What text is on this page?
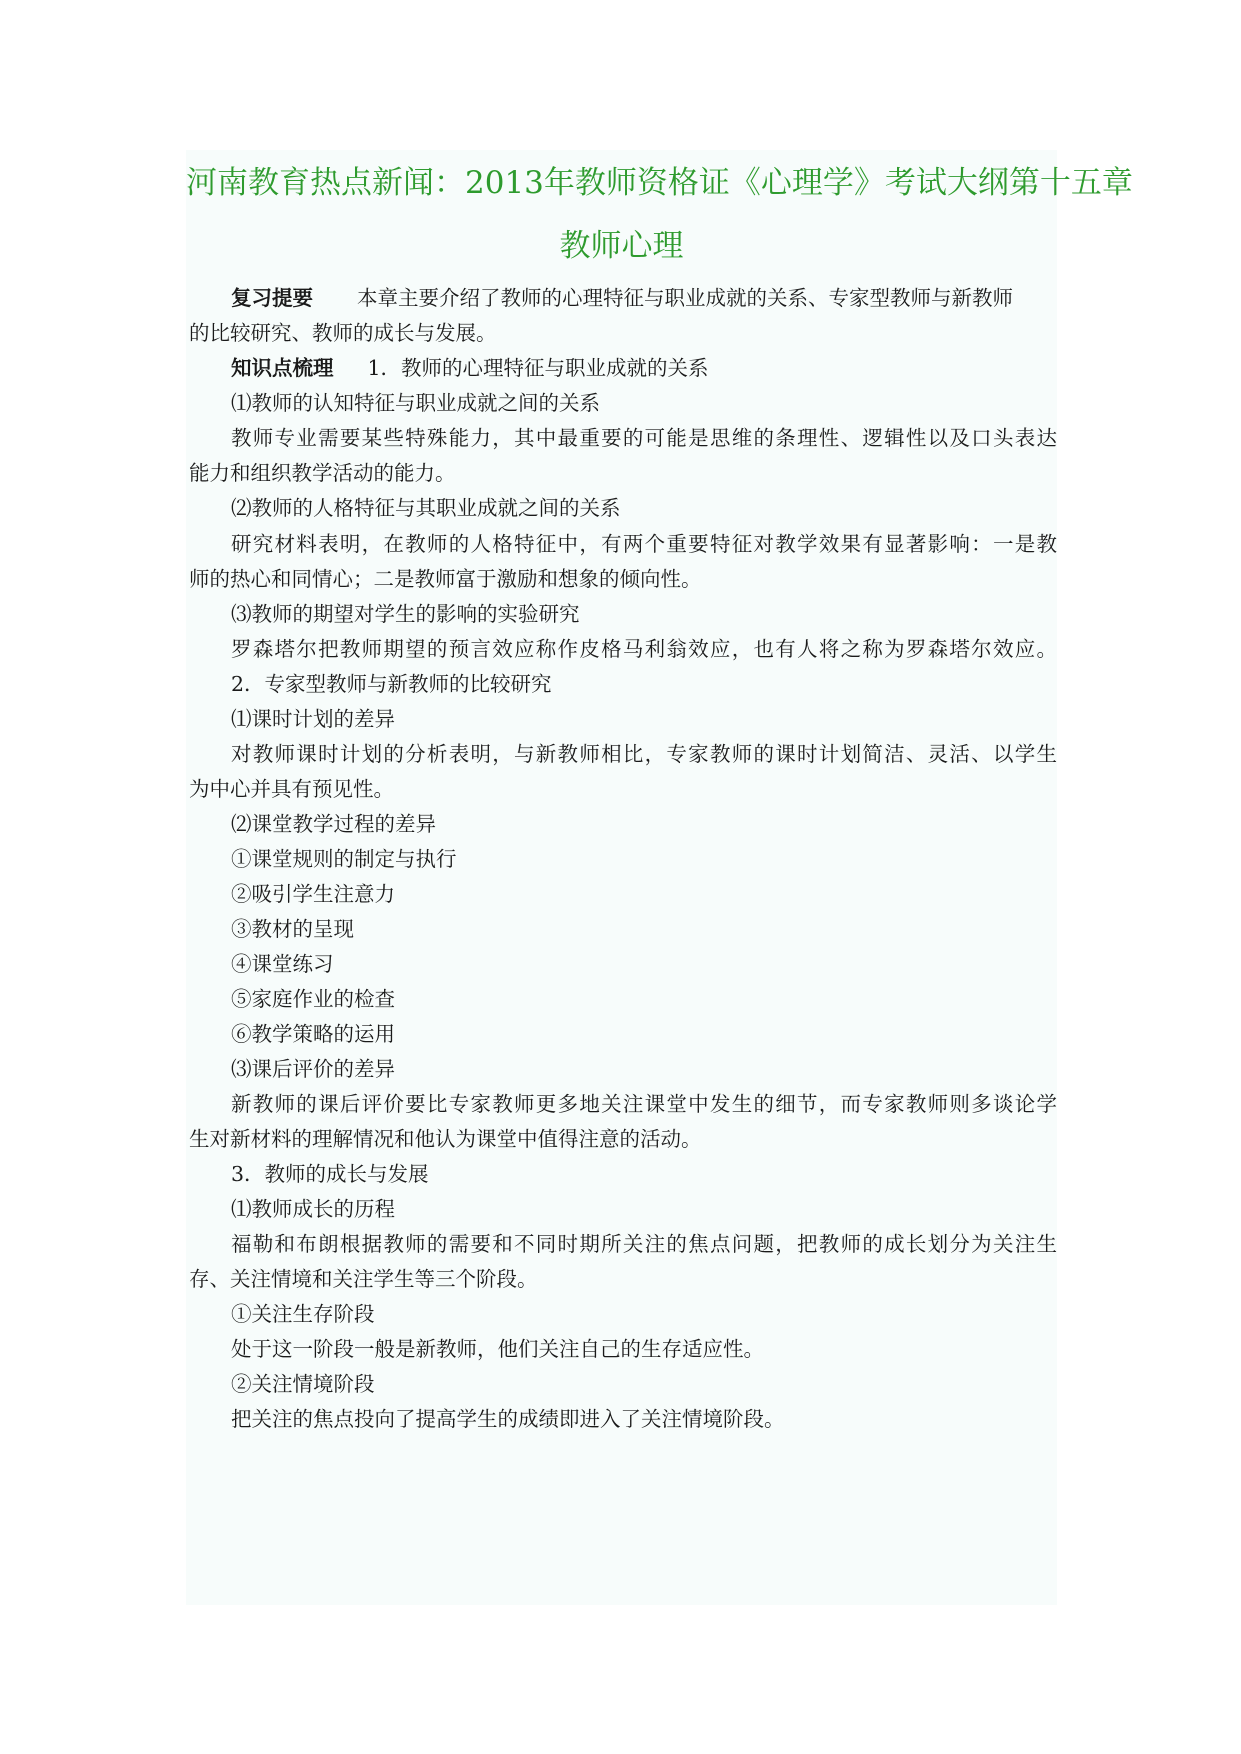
河南教育热点新闻：2013年教师资格证《心理学》考试大纲第十五章
教师心理

复习提要 本章主要介绍了教师的心理特征与职业成就的关系、专家型教师与新教师

的比较研究、教师的成长与发展。

知识点梳理 1．教师的心理特征与职业成就的关系

⑴教师的认知特征与职业成就之间的关系

教师专业需要某些特殊能力，其中最重要的可能是思维的条理性、逻辑性以及口头表达

能力和组织教学活动的能力。

⑵教师的人格特征与其职业成就之间的关系

研究材料表明，在教师的人格特征中，有两个重要特征对教学效果有显著影响：一是教

师的热心和同情心；二是教师富于激励和想象的倾向性。

⑶教师的期望对学生的影响的实验研究

罗森塔尔把教师期望的预言效应称作皮格马利翁效应，也有人将之称为罗森塔尔效应。

2．专家型教师与新教师的比较研究

⑴课时计划的差异

对教师课时计划的分析表明，与新教师相比，专家教师的课时计划简洁、灵活、以学生

为中心并具有预见性。

⑵课堂教学过程的差异

①课堂规则的制定与执行

②吸引学生注意力

③教材的呈现

④课堂练习

⑤家庭作业的检查

⑥教学策略的运用

⑶课后评价的差异

新教师的课后评价要比专家教师更多地关注课堂中发生的细节，而专家教师则多谈论学

生对新材料的理解情况和他认为课堂中值得注意的活动。

3．教师的成长与发展

⑴教师成长的历程

福勒和布朗根据教师的需要和不同时期所关注的焦点问题，把教师的成长划分为关注生

存、关注情境和关注学生等三个阶段。

①关注生存阶段

处于这一阶段一般是新教师，他们关注自己的生存适应性。

②关注情境阶段

把关注的焦点投向了提高学生的成绩即进入了关注情境阶段。
